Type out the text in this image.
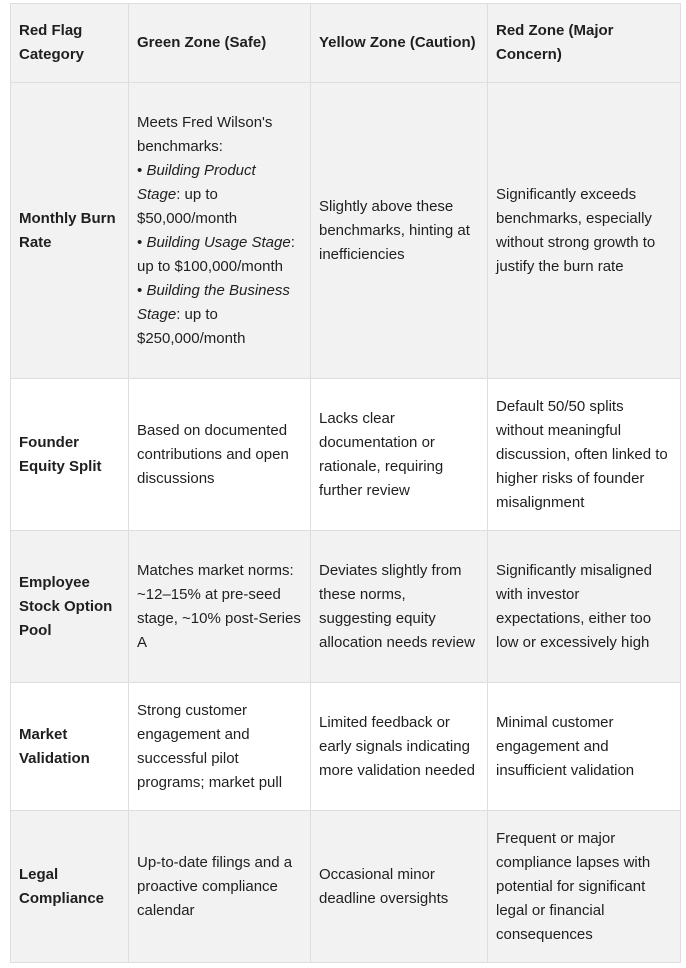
Red Flag Category	Green Zone (Safe)	Yellow Zone (Caution)	Red Zone (Major Concern)
Monthly Burn Rate	Meets Fred Wilson's benchmarks:
• Building Product Stage: up to $50,000/month
• Building Usage Stage: up to $100,000/month
• Building the Business Stage: up to $250,000/month	Slightly above these benchmarks, hinting at inefficiencies	Significantly exceeds benchmarks, especially without strong growth to justify the burn rate
Founder Equity Split	Based on documented contributions and open discussions	Lacks clear documentation or rationale, requiring further review	Default 50/50 splits without meaningful discussion, often linked to higher risks of founder misalignment
Employee Stock Option Pool	Matches market norms: ~12–15% at pre-seed stage, ~10% post-Series A	Deviates slightly from these norms, suggesting equity allocation needs review	Significantly misaligned with investor expectations, either too low or excessively high
Market Validation	Strong customer engagement and successful pilot programs; market pull	Limited feedback or early signals indicating more validation needed	Minimal customer engagement and insufficient validation
Legal Compliance	Up-to-date filings and a proactive compliance calendar	Occasional minor deadline oversights	Frequent or major compliance lapses with potential for significant legal or financial consequences
